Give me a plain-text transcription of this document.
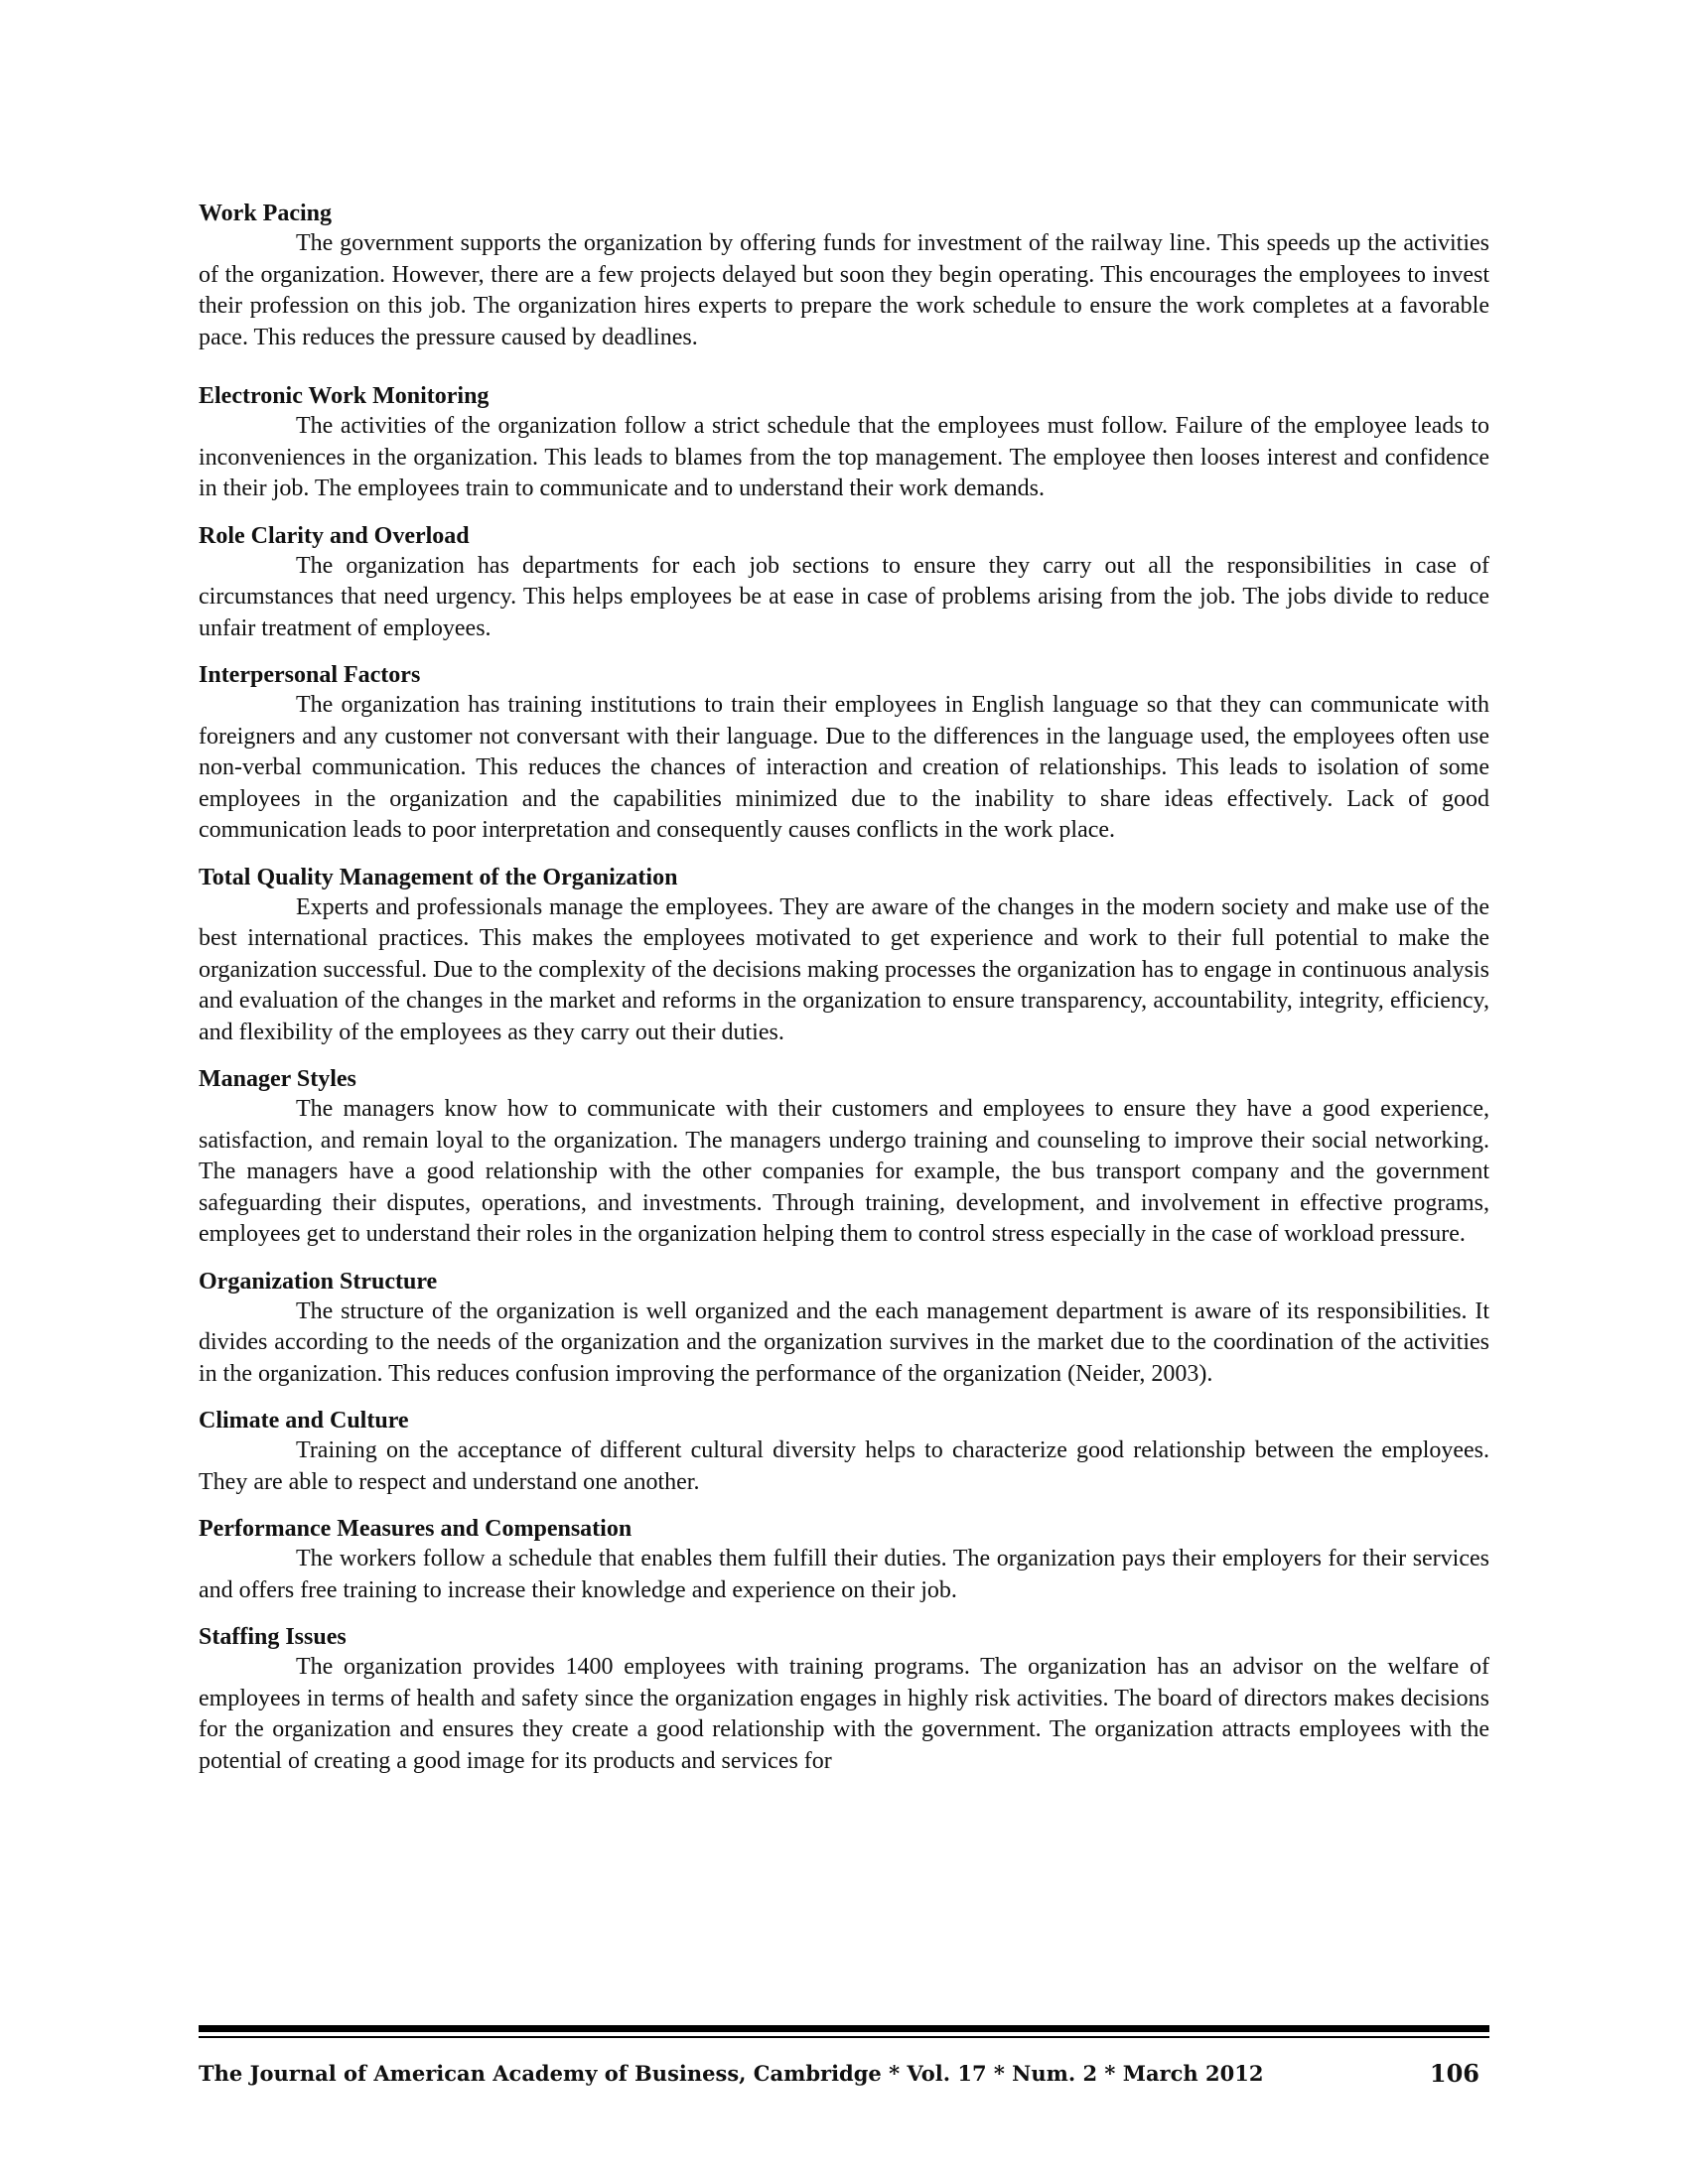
Work Pacing

The government supports the organization by offering funds for investment of the railway line. This speeds up the activities of the organization. However, there are a few projects delayed but soon they begin operating. This encourages the employees to invest their profession on this job. The organization hires experts to prepare the work schedule to ensure the work completes at a favorable pace. This reduces the pressure caused by deadlines.

Electronic Work Monitoring

The activities of the organization follow a strict schedule that the employees must follow. Failure of the employee leads to inconveniences in the organization. This leads to blames from the top management. The employee then looses interest and confidence in their job. The employees train to communicate and to understand their work demands.

Role Clarity and Overload

The organization has departments for each job sections to ensure they carry out all the responsibilities in case of circumstances that need urgency. This helps employees be at ease in case of problems arising from the job. The jobs divide to reduce unfair treatment of employees.

Interpersonal Factors

The organization has training institutions to train their employees in English language so that they can communicate with foreigners and any customer not conversant with their language. Due to the differences in the language used, the employees often use non-verbal communication. This reduces the chances of interaction and creation of relationships. This leads to isolation of some employees in the organization and the capabilities minimized due to the inability to share ideas effectively. Lack of good communication leads to poor interpretation and consequently causes conflicts in the work place.

Total Quality Management of the Organization

Experts and professionals manage the employees. They are aware of the changes in the modern society and make use of the best international practices. This makes the employees motivated to get experience and work to their full potential to make the organization successful. Due to the complexity of the decisions making processes the organization has to engage in continuous analysis and evaluation of the changes in the market and reforms in the organization to ensure transparency, accountability, integrity, efficiency, and flexibility of the employees as they carry out their duties.

Manager Styles

The managers know how to communicate with their customers and employees to ensure they have a good experience, satisfaction, and remain loyal to the organization. The managers undergo training and counseling to improve their social networking. The managers have a good relationship with the other companies for example, the bus transport company and the government safeguarding their disputes, operations, and investments. Through training, development, and involvement in effective programs, employees get to understand their roles in the organization helping them to control stress especially in the case of workload pressure.

Organization Structure

The structure of the organization is well organized and the each management department is aware of its responsibilities. It divides according to the needs of the organization and the organization survives in the market due to the coordination of the activities in the organization. This reduces confusion improving the performance of the organization (Neider, 2003).

Climate and Culture

Training on the acceptance of different cultural diversity helps to characterize good relationship between the employees. They are able to respect and understand one another.

Performance Measures and Compensation

The workers follow a schedule that enables them fulfill their duties. The organization pays their employers for their services and offers free training to increase their knowledge and experience on their job.

Staffing Issues

The organization provides 1400 employees with training programs. The organization has an advisor on the welfare of employees in terms of health and safety since the organization engages in highly risk activities. The board of directors makes decisions for the organization and ensures they create a good relationship with the government. The organization attracts employees with the potential of creating a good image for its products and services for

The Journal of American Academy of Business, Cambridge * Vol. 17 * Num. 2 * March 2012	106
